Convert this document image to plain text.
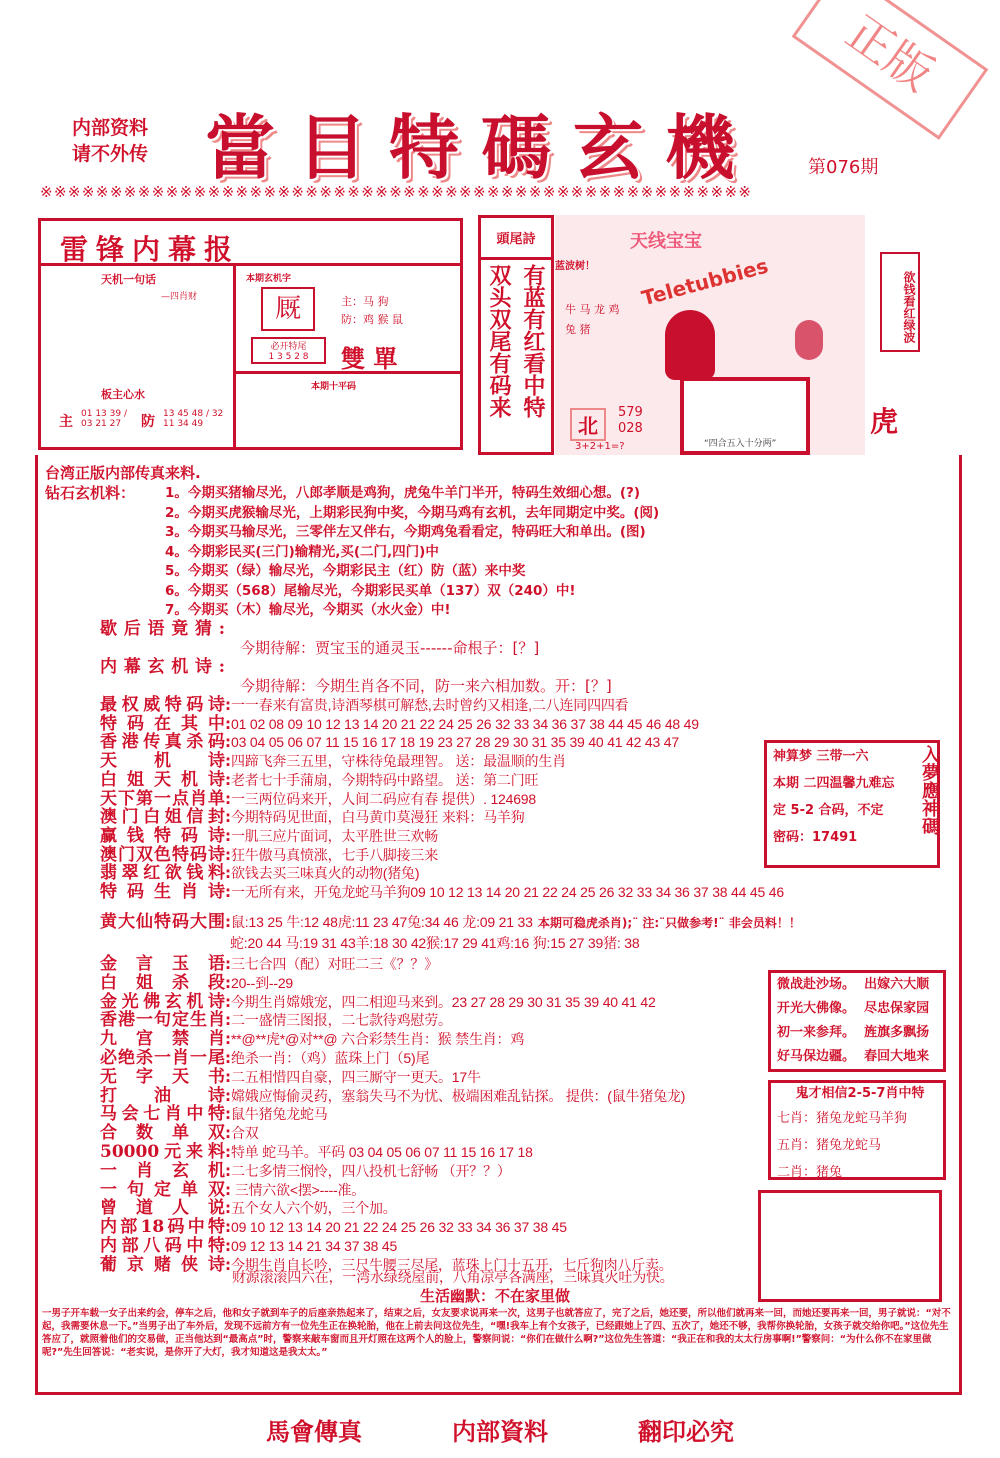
内部资料
请不外传 當目特碼玄機	第076期
正版
※※※※※※※※※※※※※※※※※※※※※※※※※※※※※※※※※※※※※※※※※※※※※※※※※※※
天机一句话
—四肖财
板主心水
主 01 13 39 / 03 21 27	防 13 45 48 / 32 11 34 49
本期玄机字
厩
必开特尾
1 3 5 2 8
主：马 狗
防：鸡 猴 鼠
雙 單
本期十平码
雷锋内幕报	頭尾詩
有蓝有红看中特
双头双尾有码来
天线宝宝
蓝波树！ Teletubbies
牛 马 龙 鸡 兔 猪
北
579
028
3+2+1=?	“四合五入十分两”
欲钱看红绿波
虎
台湾正版内部传真来料.
钻石玄机料： 1。今期买猪输尽光，八郎孝顺是鸡狗，虎兔牛羊门半开，特码生效细心想。(?)
2。今期买虎猴输尽光，上期彩民狗中奖，今期马鸡有玄机，去年同期定中奖。(阅)
3。今期买马输尽光，三零伴左又伴右，今期鸡兔看看定，特码旺大和单出。(图)
4。今期彩民买(三门)输精光,买(二门,四门)中
5。今期买（绿）输尽光，今期彩民主（红）防（蓝）来中奖
6。今期买（568）尾输尽光，今期彩民买单（137）双（240）中!
7。今期买（木）输尽光，今期买（水火金）中!
歇后语竟猜:
今期待解：贾宝玉的通灵玉------命根子：[？]
内幕玄机诗:
今期待解：今期生肖各不同，防一来六相加数。开：[？]
最权威特码诗:一一春来有富贵,诗酒琴棋可解愁,去时曾约又相逢,二八连同四四看
特码在其中:01 02 08 09 10 12 13 14 20 21 22 24 25 26 32 33 34 36 37 38 44 45 46 48 49
香港传真杀码:03 04 05 06 07 11 15 16 17 18 19 23 27 28 29 30 31 35 39 40 41 42 43 47
天机诗:四蹄飞奔三五里，守株待兔最理智。 送：最温顺的生肖
白姐天机诗:老者七十手蒲扇，今期特码中路望。 送：第二门旺
天下第一点肖单:一三两位码来开，人间二码应有春 提供）. 124698
澳门白姐信封:今期特码见世面，白马黄巾莫漫狂 来料：马羊狗
赢钱特码诗:一肌三应片面词，太平胜世三欢畅
澳门双色特码诗:狂牛傲马真愤涨，七手八脚接三来
翡翠红欲钱料:欲钱去买三味真火的动物(猪兔)
特码生肖诗:一无所有来，开兔龙蛇马羊狗09 10 12 13 14 20 21 22 24 25 26 32 33 34 36 37 38 44 45 46
黄大仙特码大围:鼠:13 25 牛:12 48虎:11 23 47兔:34 46 龙:09 21 33 本期可稳虎杀肖);¨ 注:¨只做参考!¨ 非会员料！！
蛇:20 44 马:19 31 43羊:18 30 42猴:17 29 41鸡:16 狗:15 27 39猪: 38
金言玉语:三七合四（配）对旺二三《？？》
白姐杀段:20--到--29
金光佛玄机诗:今期生肖嫦娥宠，四二相迎马来到。23 27 28 29 30 31 35 39 40 41 42
香港一句定生肖:二一盛情三图报，二七款待鸡慰劳。
九宫禁肖:**@**虎*@对**@ 六合彩禁生肖：猴 禁生肖：鸡
必绝杀一肖一尾:绝杀一肖：（鸡）蓝珠上门（5)尾
无字天书:二五相惜四自豪，四三厮守一更天。17牛
打油诗:嫦娥应悔偷灵药，塞翁失马不为忧、极端困难乱钻探。 提供：(鼠牛猪兔龙)
马会七肖中特:鼠牛猪兔龙蛇马
合数单双:合双
50000元来料:特单 蛇马羊。平码 03 04 05 06 07 11 15 16 17 18
一肖玄机:二七多情三悯怜，四八投机七舒畅 （开？？）
一句定单双: 三情六欲<摆>----准。
曾道人说:五个女人六个奶，三个加。
内部18码中特:09 10 12 13 14 20 21 22 24 25 26 32 33 34 36 37 38 45
内部八码中特:09 12 13 14 21 34 37 38 45
葡京赌侠诗:今期生肖自长吟，三尺牛腰三尽尾，蓝珠上门十五开，七斤狗肉八斤卖。
财源滚滚四六在，一湾水绿绕屋前，八角凉亭各满座，三味真火吐为快。
生活幽默：不在家里做
一男子开车载一女子出来约会，停车之后，他和女子就到车子的后座亲热起来了，结束之后，女友要求说再来一次，这男子也就答应了，完了之后，她还要，所以他们就再来一回，而她还要再来一回，男子就说：“对不起，我需要休息一下。”当男子出了车外后，发现不远前方有一位先生正在换轮胎，他在上前去问这位先生，“嘿!我车上有个女孩子，已经跟她上了四、五次了，她还不够，我帮你换轮胎，女孩子就交给你吧。”这位先生答应了，就照着他们的交易做，正当他达到“最高点”时，警察来敲车窗而且开灯照在这两个人的脸上，警察问说：“你们在做什么啊?”这位先生答道：“我正在和我的太太行房事啊!”警察问：“为什么你不在家里做呢?”先生回答说：“老实说，是你开了大灯，我才知道这是我太太。”
神算梦 三带一六
本期 二四温馨九难忘
定 5-2 合码，不定
密码：17491
入夢應神碼
微战赴沙场。 出嫁六大顺
开光大佛像。 尽忠保家园
初一来参拜。 旌旗多飘扬
好马保边疆。 春回大地来
鬼才相信2-5-7肖中特
七肖：猪兔龙蛇马羊狗
五肖：猪兔龙蛇马
二肖：猪兔
馬會傳真	内部資料	翻印必究
